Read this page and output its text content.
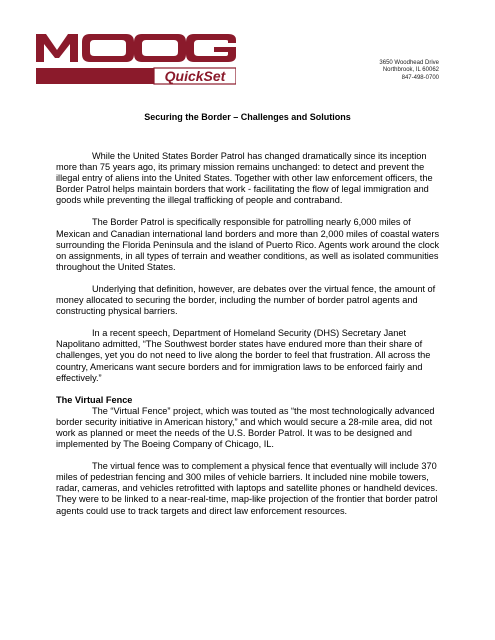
QuickSet
3650 Woodhead Drive
Northbrook, IL 60062
847-498-0700
Securing the Border – Challenges and Solutions

While the United States Border Patrol has changed dramatically since its inception more than 75 years ago, its primary mission remains unchanged: to detect and prevent the illegal entry of aliens into the United States. Together with other law enforcement officers, the Border Patrol helps maintain borders that work - facilitating the flow of legal immigration and goods while preventing the illegal trafficking of people and contraband.

The Border Patrol is specifically responsible for patrolling nearly 6,000 miles of Mexican and Canadian international land borders and more than 2,000 miles of coastal waters surrounding the Florida Peninsula and the island of Puerto Rico. Agents work around the clock on assignments, in all types of terrain and weather conditions, as well as isolated communities throughout the United States.

Underlying that definition, however, are debates over the virtual fence, the amount of money allocated to securing the border, including the number of border patrol agents and constructing physical barriers.

In a recent speech, Department of Homeland Security (DHS) Secretary Janet Napolitano admitted, “The Southwest border states have endured more than their share of challenges, yet you do not need to live along the border to feel that frustration. All across the country, Americans want secure borders and for immigration laws to be enforced fairly and effectively.”

The Virtual Fence

The “Virtual Fence” project, which was touted as “the most technologically advanced border security initiative in American history,” and which would secure a 28-mile area, did not work as planned or meet the needs of the U.S. Border Patrol. It was to be designed and implemented by The Boeing Company of Chicago, IL.

The virtual fence was to complement a physical fence that eventually will include 370 miles of pedestrian fencing and 300 miles of vehicle barriers. It included nine mobile towers, radar, cameras, and vehicles retrofitted with laptops and satellite phones or handheld devices. They were to be linked to a near-real-time, map-like projection of the frontier that border patrol agents could use to track targets and direct law enforcement resources.
